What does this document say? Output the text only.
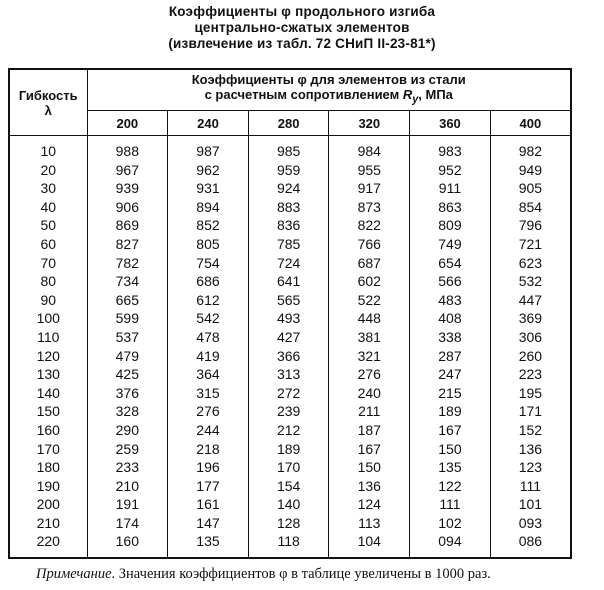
Коэффициенты φ продольного изгиба
центрально-сжатых элементов
(извлечение из табл. 72 СНиП II-23-81*)
Гибкость
λ	Коэффициенты φ для элементов из стали
с расчетным сопротивлением $R_y$, МПа					
	200	240	280	320	360	400
10	988	987	985	984	983	982
20	967	962	959	955	952	949
30	939	931	924	917	911	905
40	906	894	883	873	863	854
50	869	852	836	822	809	796
60	827	805	785	766	749	721
70	782	754	724	687	654	623
80	734	686	641	602	566	532
90	665	612	565	522	483	447
100	599	542	493	448	408	369
110	537	478	427	381	338	306
120	479	419	366	321	287	260
130	425	364	313	276	247	223
140	376	315	272	240	215	195
150	328	276	239	211	189	171
160	290	244	212	187	167	152
170	259	218	189	167	150	136
180	233	196	170	150	135	123
190	210	177	154	136	122	111
200	191	161	140	124	111	101
210	174	147	128	113	102	093
220	160	135	118	104	094	086
Примечание. Значения коэффициентов φ в таблице увеличены в 1000 раз.
